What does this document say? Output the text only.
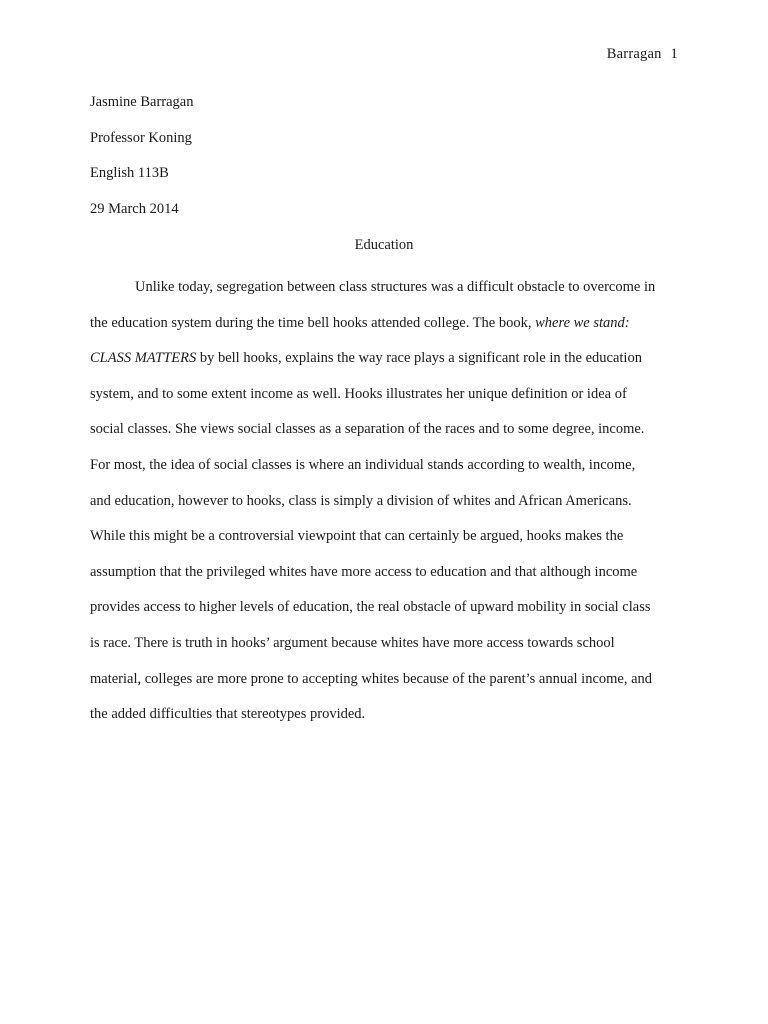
Barragan 1
Jasmine Barragan
Professor Koning
English 113B
29 March 2014
Education

Unlike today, segregation between class structures was a difficult obstacle to overcome in
the education system during the time bell hooks attended college. The book, where we stand:
CLASS MATTERS by bell hooks, explains the way race plays a significant role in the education
system, and to some extent income as well. Hooks illustrates her unique definition or idea of
social classes. She views social classes as a separation of the races and to some degree, income.
For most, the idea of social classes is where an individual stands according to wealth, income,
and education, however to hooks, class is simply a division of whites and African Americans.
While this might be a controversial viewpoint that can certainly be argued, hooks makes the
assumption that the privileged whites have more access to education and that although income
provides access to higher levels of education, the real obstacle of upward mobility in social class
is race. There is truth in hooks’ argument because whites have more access towards school
material, colleges are more prone to accepting whites because of the parent’s annual income, and
the added difficulties that stereotypes provided.
